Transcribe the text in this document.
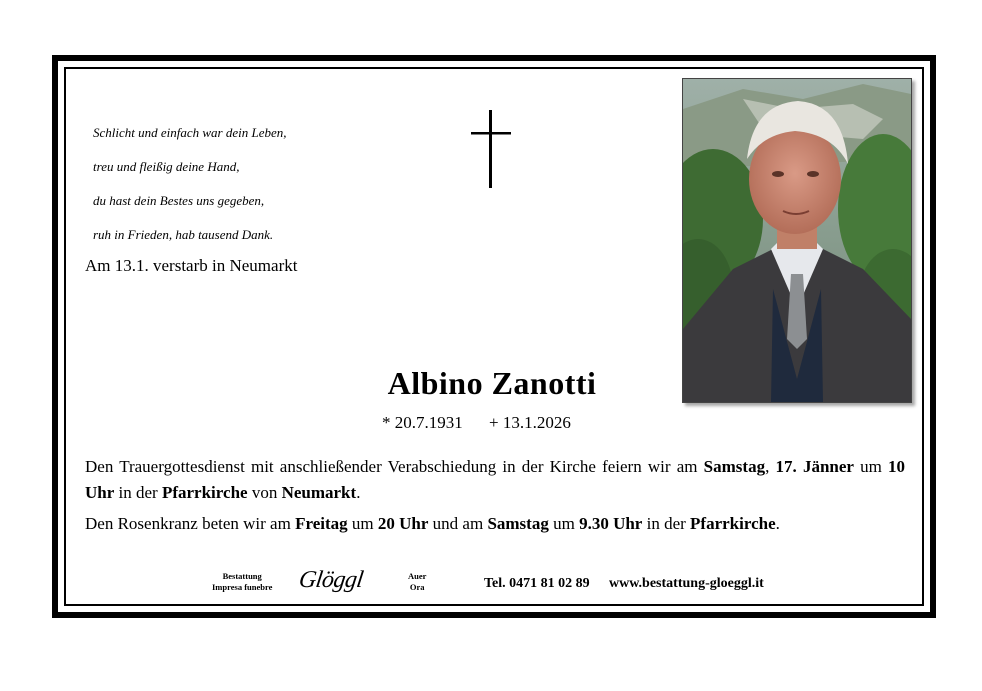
Schlicht und einfach war dein Leben,

treu und fleißig deine Hand,

du hast dein Bestes uns gegeben,

ruh in Frieden, hab tausend Dank.

Am 13.1. verstarb in Neumarkt
Albino Zanotti
* 20.7.1931 + 13.1.2026
Den Trauergottesdienst mit anschließender Verabschiedung in der Kirche feiern wir am Samstag, 17. Jänner um 10 Uhr in der Pfarrkirche von Neumarkt.
Den Rosenkranz beten wir am Freitag um 20 Uhr und am Samstag um 9.30 Uhr in der Pfarrkirche.
Bestattung
Impresa funebre Glöggl	Auer
Ora	Tel. 0471 81 02 89 www.bestattung-gloeggl.it
